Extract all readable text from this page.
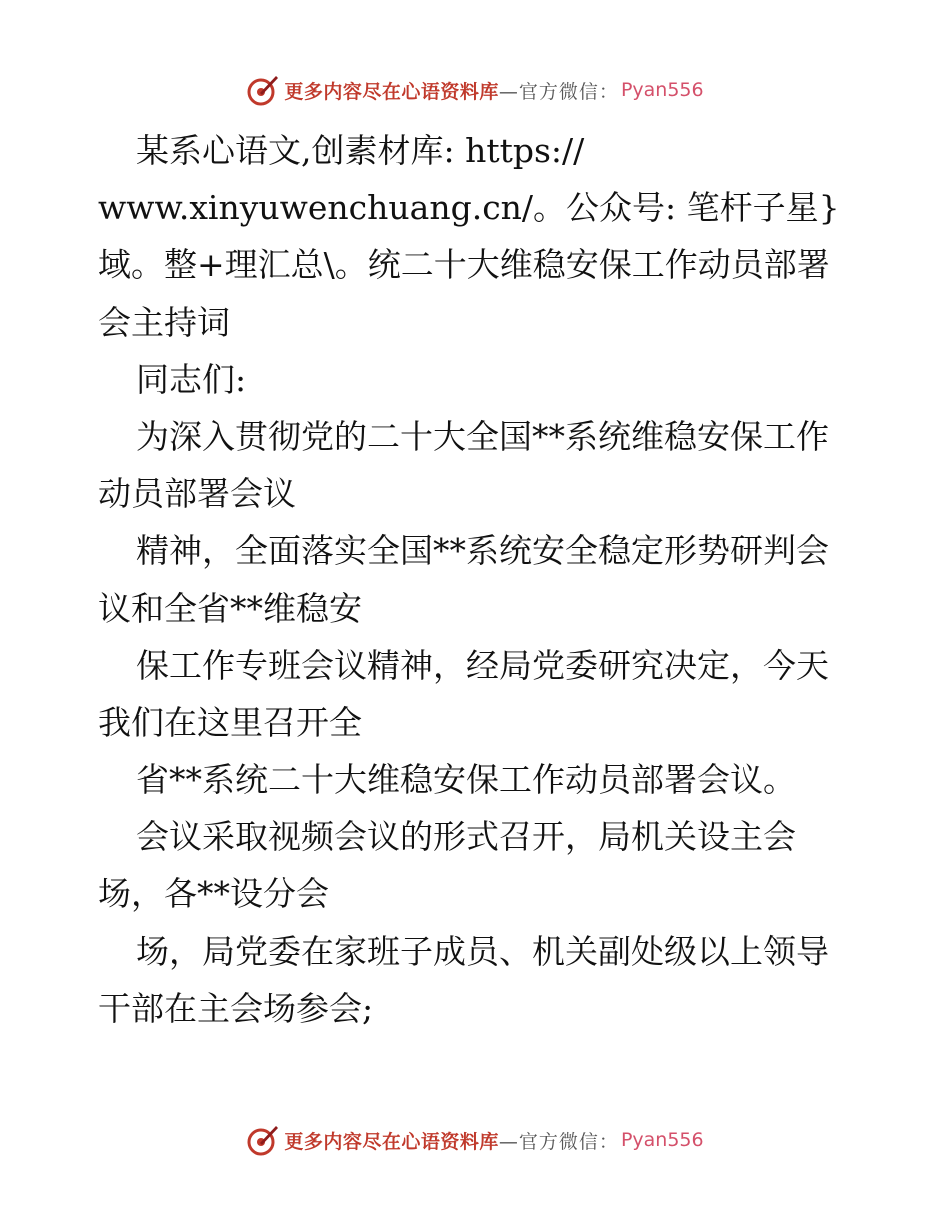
更多内容尽在心语资料库 —官方微信： Pyan556
某系心语文,创素材库: https://
www.xinyuwenchuang.cn/。公众号: 笔杆子星}
域。整+理汇总\。统二十大维稳安保工作动员部署
会主持词
同志们:
为深入贯彻党的二十大全国**系统维稳安保工作
动员部署会议
精神，全面落实全国**系统安全稳定形势研判会
议和全省**维稳安
保工作专班会议精神，经局党委研究决定，今天
我们在这里召开全
省**系统二十大维稳安保工作动员部署会议。
会议采取视频会议的形式召开，局机关设主会
场，各**设分会
场，局党委在家班子成员、机关副处级以上领导
干部在主会场参会;
更多内容尽在心语资料库 —官方微信： Pyan556
